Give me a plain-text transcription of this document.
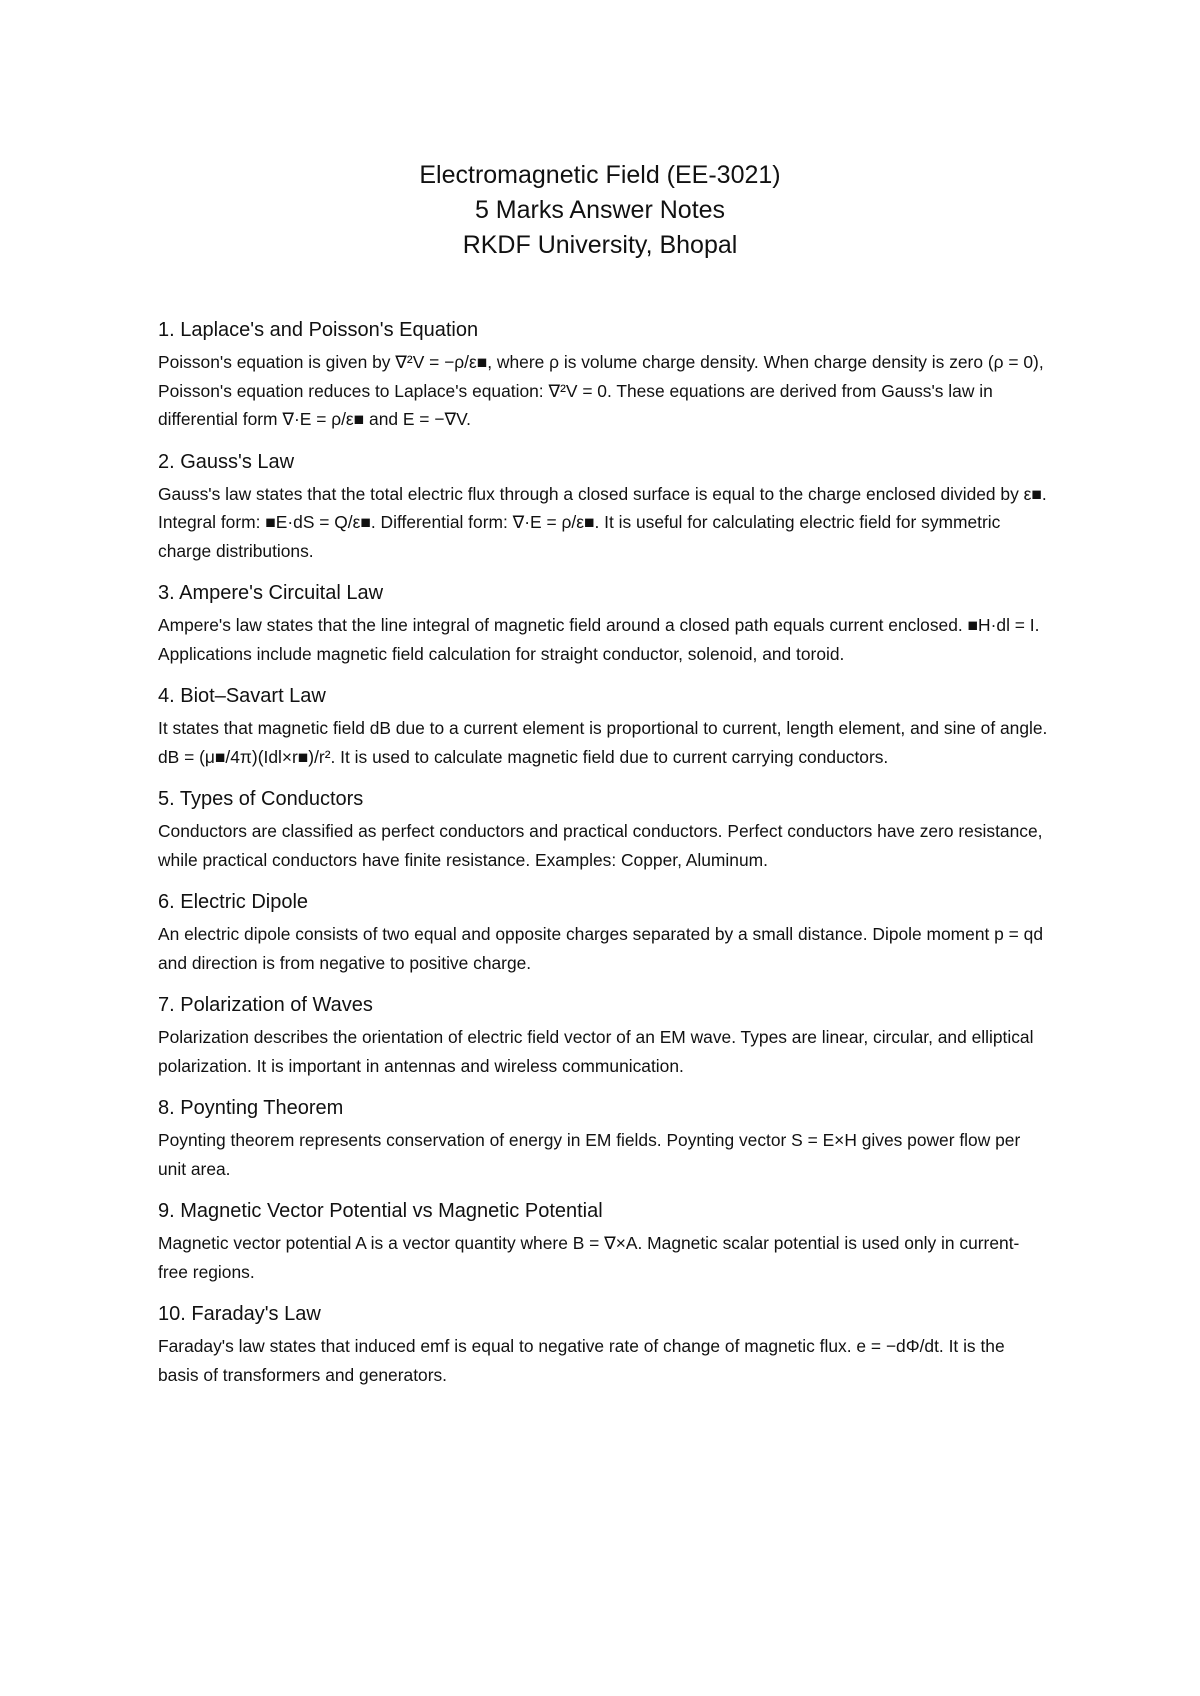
Electromagnetic Field (EE-3021)

5 Marks Answer Notes

RKDF University, Bhopal

1. Laplace's and Poisson's Equation

Poisson's equation is given by ∇²V = −ρ/ε■, where ρ is volume charge density. When charge density is zero (ρ = 0), Poisson's equation reduces to Laplace's equation: ∇²V = 0. These equations are derived from Gauss's law in differential form ∇·E = ρ/ε■ and E = −∇V.

2. Gauss's Law

Gauss's law states that the total electric flux through a closed surface is equal to the charge enclosed divided by ε■. Integral form: ■E·dS = Q/ε■. Differential form: ∇·E = ρ/ε■. It is useful for calculating electric field for symmetric charge distributions.

3. Ampere's Circuital Law

Ampere's law states that the line integral of magnetic field around a closed path equals current enclosed. ■H·dl = I. Applications include magnetic field calculation for straight conductor, solenoid, and toroid.

4. Biot–Savart Law

It states that magnetic field dB due to a current element is proportional to current, length element, and sine of angle. dB = (μ■/4π)(Idl×r■)/r². It is used to calculate magnetic field due to current carrying conductors.

5. Types of Conductors

Conductors are classified as perfect conductors and practical conductors. Perfect conductors have zero resistance, while practical conductors have finite resistance. Examples: Copper, Aluminum.

6. Electric Dipole

An electric dipole consists of two equal and opposite charges separated by a small distance. Dipole moment p = qd and direction is from negative to positive charge.

7. Polarization of Waves

Polarization describes the orientation of electric field vector of an EM wave. Types are linear, circular, and elliptical polarization. It is important in antennas and wireless communication.

8. Poynting Theorem

Poynting theorem represents conservation of energy in EM fields. Poynting vector S = E×H gives power flow per unit area.

9. Magnetic Vector Potential vs Magnetic Potential

Magnetic vector potential A is a vector quantity where B = ∇×A. Magnetic scalar potential is used only in current-free regions.

10. Faraday's Law

Faraday's law states that induced emf is equal to negative rate of change of magnetic flux. e = −dΦ/dt. It is the basis of transformers and generators.
